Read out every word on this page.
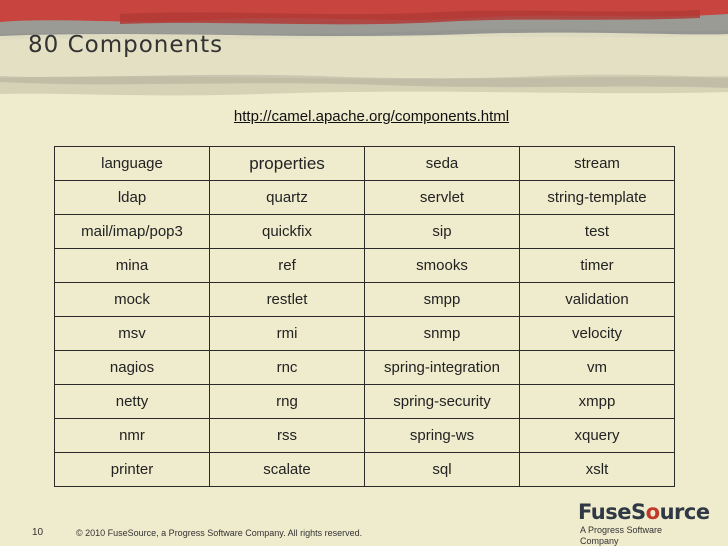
80 Components
http://camel.apache.org/components.html
language	properties	seda	stream
ldap	quartz	servlet	string-template
mail/imap/pop3	quickfix	sip	test
mina	ref	smooks	timer
mock	restlet	smpp	validation
msv	rmi	snmp	velocity
nagios	rnc	spring-integration	vm
netty	rng	spring-security	xmpp
nmr	rss	spring-ws	xquery
printer	scalate	sql	xslt
10	© 2010 FuseSource, a Progress Software Company. All rights reserved.
FuseSource
A Progress Software Company
